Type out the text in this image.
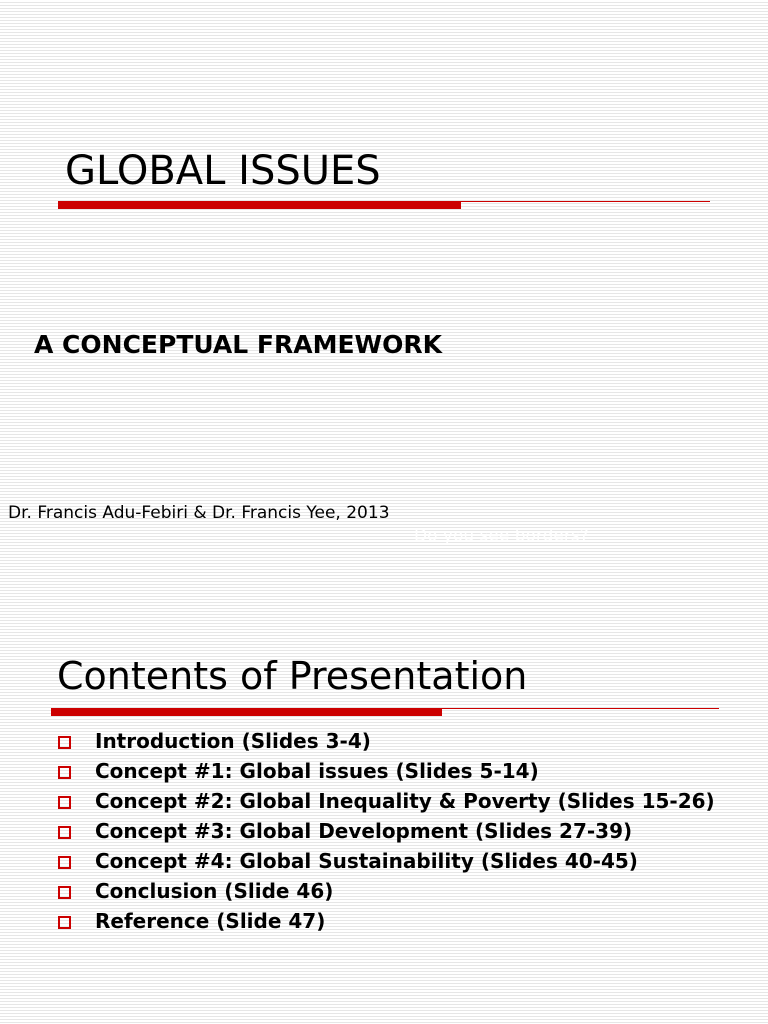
GLOBAL ISSUES
A CONCEPTUAL FRAMEWORK
Dr. Francis Adu-Febiri & Dr. Francis Yee, 2013
Do you see borders?
Contents of Presentation
Introduction (Slides 3-4)
Concept #1: Global issues (Slides 5-14)
Concept #2: Global Inequality & Poverty (Slides 15-26)
Concept #3: Global Development (Slides 27-39)
Concept #4: Global Sustainability (Slides 40-45)
Conclusion (Slide 46)
Reference (Slide 47)
